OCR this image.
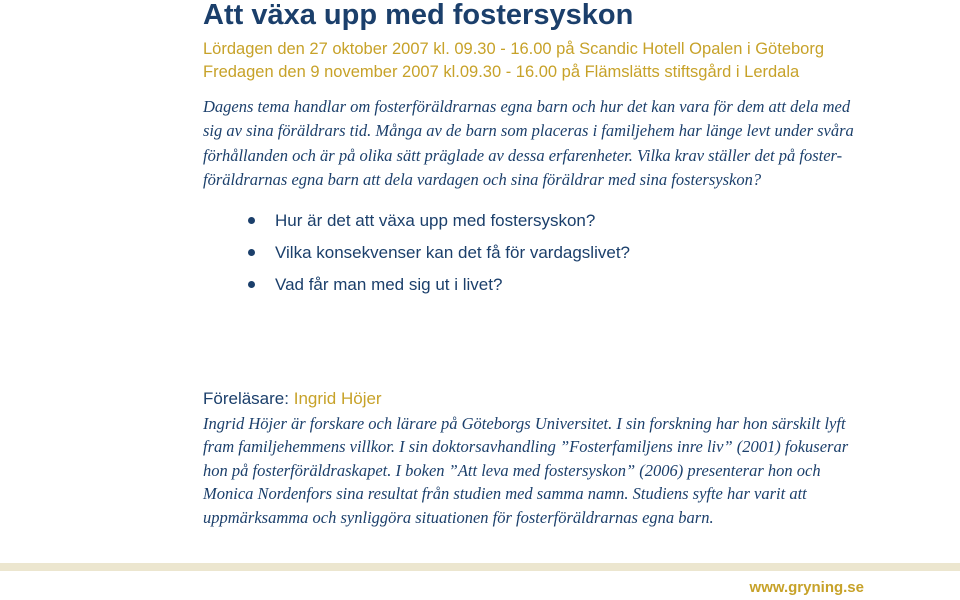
Att växa upp med fostersyskon
Lördagen den 27 oktober 2007 kl. 09.30 - 16.00 på Scandic Hotell Opalen i Göteborg
Fredagen den 9 november 2007 kl.09.30 - 16.00 på Flämslätts stiftsgård i Lerdala
Dagens tema handlar om fosterföräldrarnas egna barn och hur det kan vara för dem att dela med
sig av sina föräldrars tid. Många av de barn som placeras i familjehem har länge levt under svåra
förhållanden och är på olika sätt präglade av dessa erfarenheter. Vilka krav ställer det på foster-
föräldrarnas egna barn att dela vardagen och sina föräldrar med sina fostersyskon?
Hur är det att växa upp med fostersyskon?
Vilka konsekvenser kan det få för vardagslivet?
Vad får man med sig ut i livet?
Föreläsare: Ingrid Höjer
Ingrid Höjer är forskare och lärare på Göteborgs Universitet. I sin forskning har hon särskilt lyft
fram familjehemmens villkor. I sin doktorsavhandling ”Fosterfamiljens inre liv” (2001) fokuserar
hon på fosterföräldraskapet. I boken ”Att leva med fostersyskon” (2006) presenterar hon och
Monica Nordenfors sina resultat från studien med samma namn. Studiens syfte har varit att
uppmärksamma och synliggöra situationen för fosterföräldrarnas egna barn.
www.gryning.se
